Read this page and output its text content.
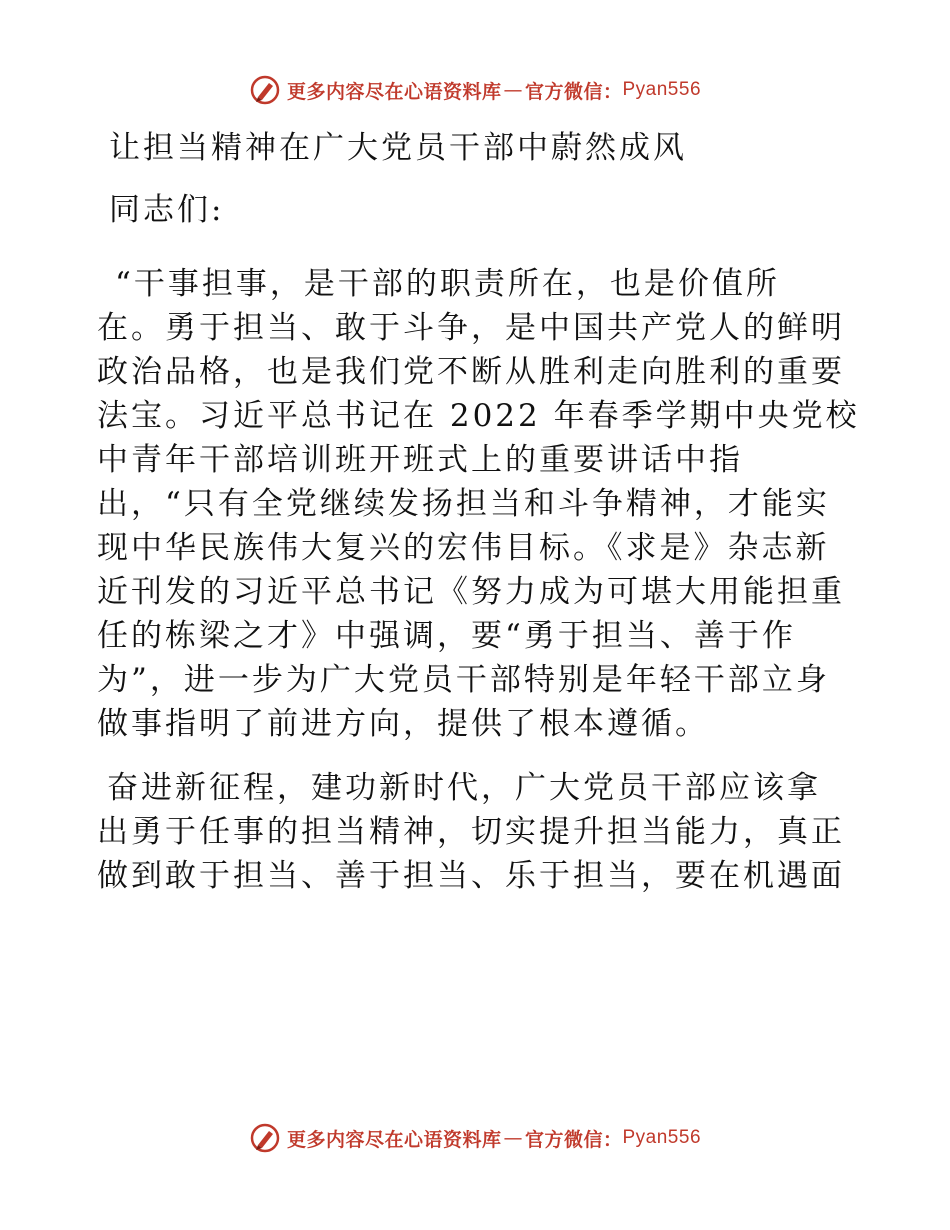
更多内容尽在心语资料库 — 官方微信： Pyan556
让担当精神在广大党员干部中蔚然成风

同志们:

“干事担事，是干部的职责所在，也是价值所
在。勇于担当、敢于斗争，是中国共产党人的鲜明
政治品格，也是我们党不断从胜利走向胜利的重要
法宝。习近平总书记在 2022 年春季学期中央党校
中青年干部培训班开班式上的重要讲话中指
出，“只有全党继续发扬担当和斗争精神，才能实
现中华民族伟大复兴的宏伟目标。《求是》杂志新
近刊发的习近平总书记《努力成为可堪大用能担重
任的栋梁之才》中强调，要“勇于担当、善于作
为”，进一步为广大党员干部特别是年轻干部立身
做事指明了前进方向，提供了根本遵循。
奋进新征程，建功新时代，广大党员干部应该拿
出勇于任事的担当精神，切实提升担当能力，真正
做到敢于担当、善于担当、乐于担当，要在机遇面
更多内容尽在心语资料库 — 官方微信： Pyan556
